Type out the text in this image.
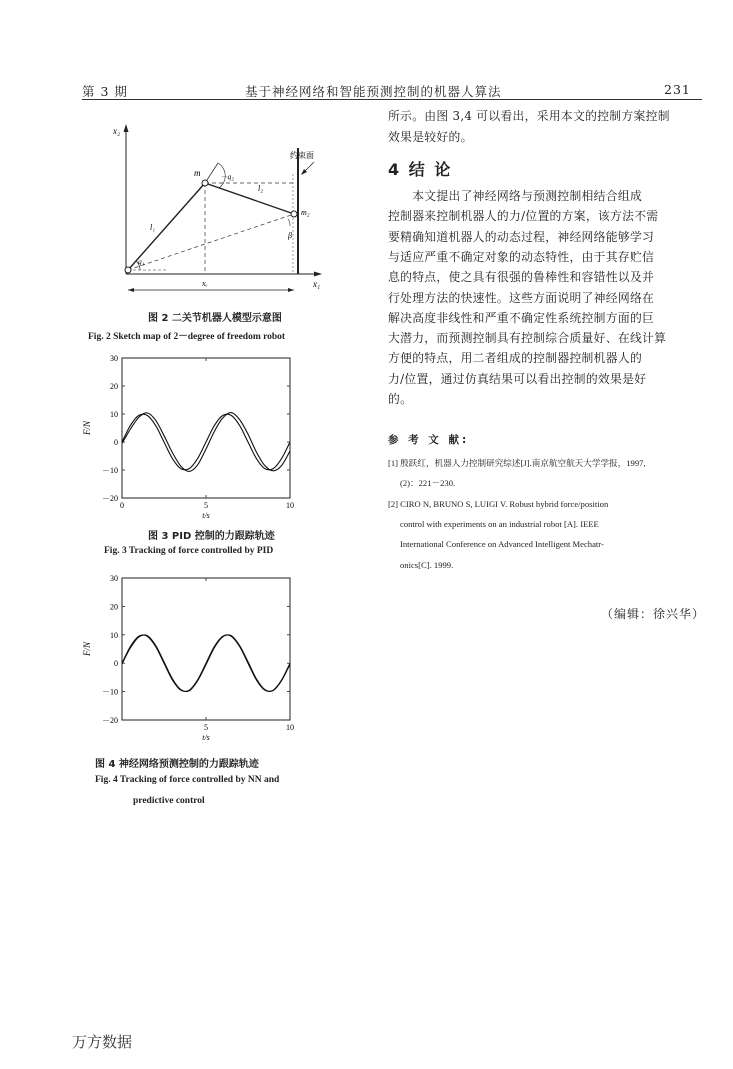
第 3 期	基于神经网络和智能预测控制的机器人算法	231
x₂
x₁
约束面
m
m₂
l₁
l₂
q₁
－q₂
β
xₑ
图 2 二关节机器人模型示意图
Fig. 2 Sketch map of 2－degree of freedom robot
30
20
10
0
－10
－20
0	5	10
t/s
F/N
图 3 PID 控制的力跟踪轨迹
Fig. 3 Tracking of force controlled by PID
30
20
10
0
－10
－20
5	10
t/s
F/N
图 4 神经网络预测控制的力跟踪轨迹
Fig. 4 Tracking of force controlled by NN and
predictive control
所示。由图 3,4 可以看出，采用本文的控制方案控制
效果是较好的。
4 结 论
　　本文提出了神经网络与预测控制相结合组成
控制器来控制机器人的力/位置的方案，该方法不需
要精确知道机器人的动态过程，神经网络能够学习
与适应严重不确定对象的动态特性，由于其存贮信
息的特点，使之具有很强的鲁棒性和容错性以及并
行处理方法的快速性。这些方面说明了神经网络在
解决高度非线性和严重不确定性系统控制方面的巨
大潜力，而预测控制具有控制综合质量好、在线计算
方便的特点，用二者组成的控制器控制机器人的
力/位置，通过仿真结果可以看出控制的效果是好
的。
参 考 文 献:
[1] 殷跃红，机器人力控制研究综述[J].南京航空航天大学学报，1997,
(2)：221－230.
[2] CIRO N, BRUNO S, LUIGI V. Robust hybrid force/position
control with experiments on an industrial robot [A]. IEEE
International Conference on Advanced Intelligent Mechatr-
onics[C]. 1999.
（编辑：徐兴华）
万方数据
